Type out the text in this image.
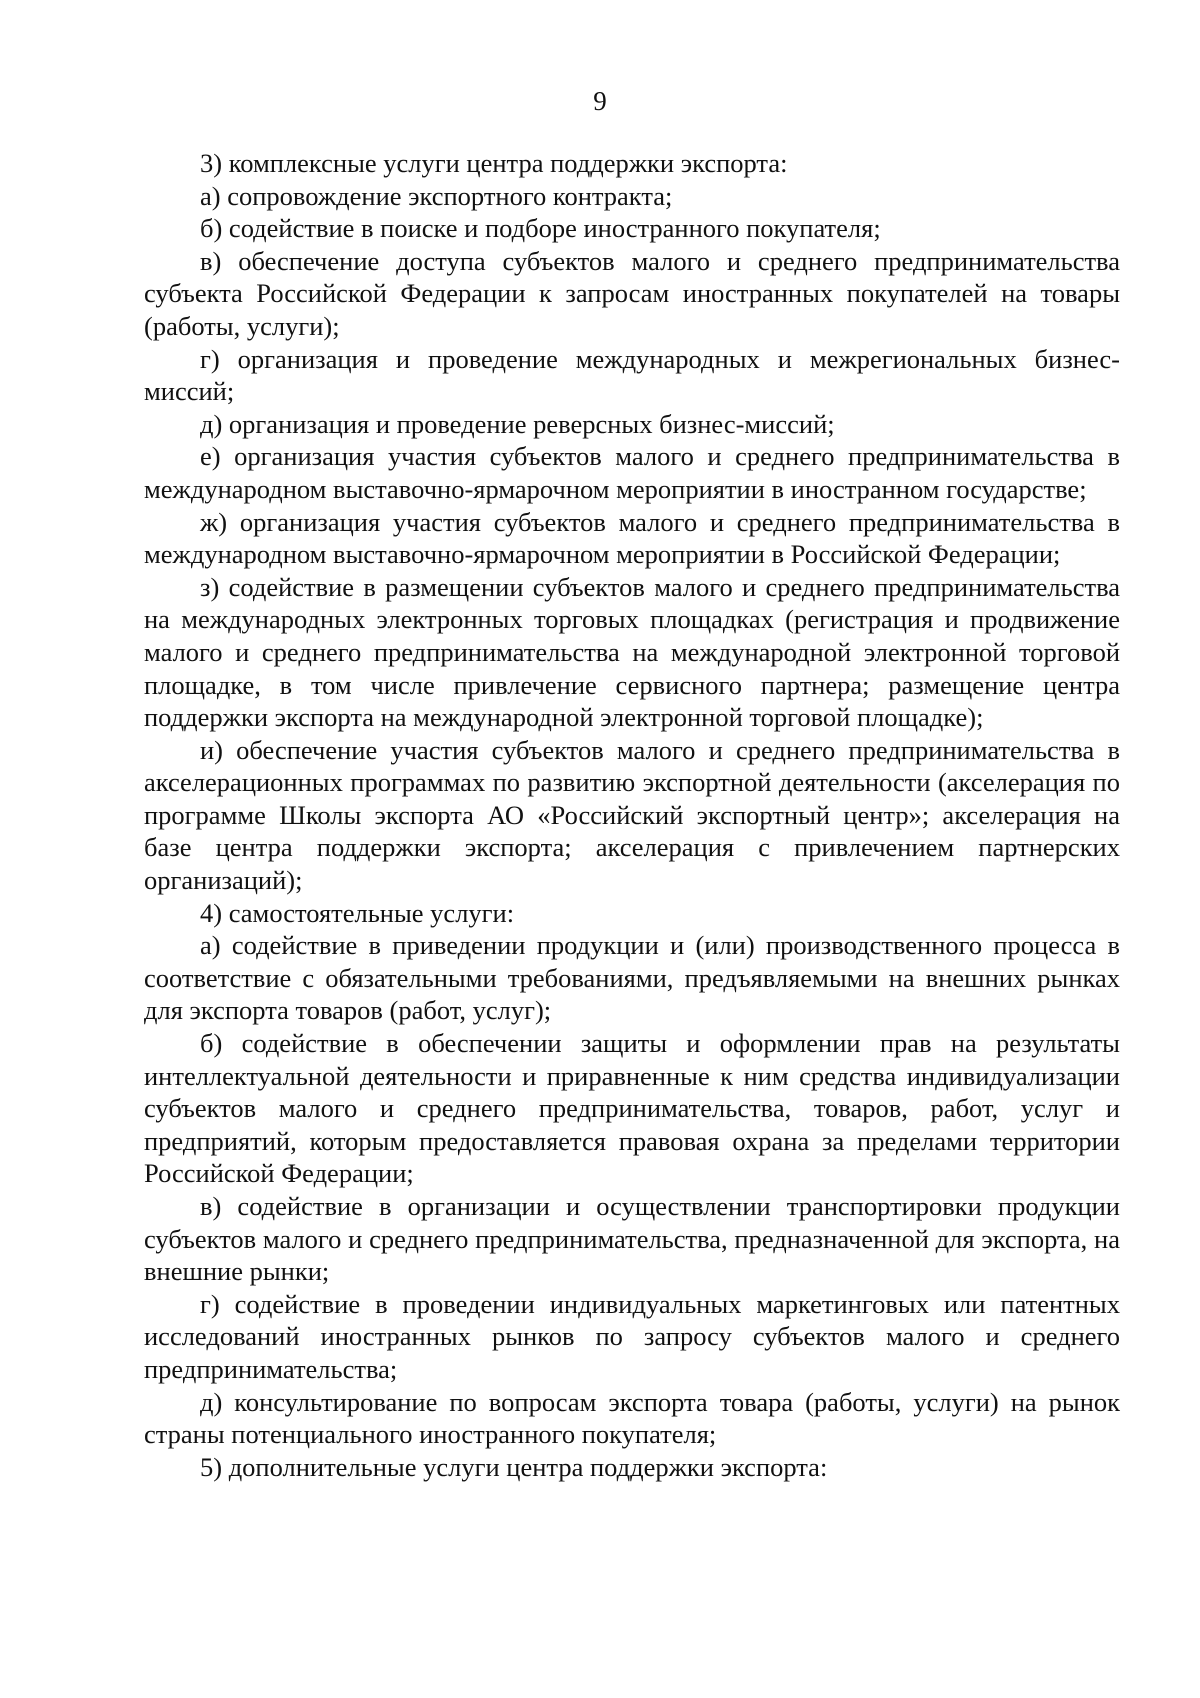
9

3) комплексные услуги центра поддержки экспорта:

а) сопровождение экспортного контракта;

б) содействие в поиске и подборе иностранного покупателя;

в) обеспечение доступа субъектов малого и среднего предпринимательства субъекта Российской Федерации к запросам иностранных покупателей на товары (работы, услуги);

г) организация и проведение международных и межрегиональных бизнес-миссий;

д) организация и проведение реверсных бизнес-миссий;

е) организация участия субъектов малого и среднего предпринимательства в международном выставочно-ярмарочном мероприятии в иностранном государстве;

ж) организация участия субъектов малого и среднего предпринимательства в международном выставочно-ярмарочном мероприятии в Российской Федерации;

з) содействие в размещении субъектов малого и среднего предпринимательства на международных электронных торговых площадках (регистрация и продвижение малого и среднего предпринимательства на международной электронной торговой площадке, в том числе привлечение сервисного партнера; размещение центра поддержки экспорта на международной электронной торговой площадке);

и) обеспечение участия субъектов малого и среднего предпринимательства в акселерационных программах по развитию экспортной деятельности (акселерация по программе Школы экспорта АО «Российский экспортный центр»; акселерация на базе центра поддержки экспорта; акселерация с привлечением партнерских организаций);

4) самостоятельные услуги:

а) содействие в приведении продукции и (или) производственного процесса в соответствие с обязательными требованиями, предъявляемыми на внешних рынках для экспорта товаров (работ, услуг);

б) содействие в обеспечении защиты и оформлении прав на результаты интеллектуальной деятельности и приравненные к ним средства индивидуализации субъектов малого и среднего предпринимательства, товаров, работ, услуг и предприятий, которым предоставляется правовая охрана за пределами территории Российской Федерации;

в) содействие в организации и осуществлении транспортировки продукции субъектов малого и среднего предпринимательства, предназначенной для экспорта, на внешние рынки;

г) содействие в проведении индивидуальных маркетинговых или патентных исследований иностранных рынков по запросу субъектов малого и среднего предпринимательства;

д) консультирование по вопросам экспорта товара (работы, услуги) на рынок страны потенциального иностранного покупателя;

5) дополнительные услуги центра поддержки экспорта:
